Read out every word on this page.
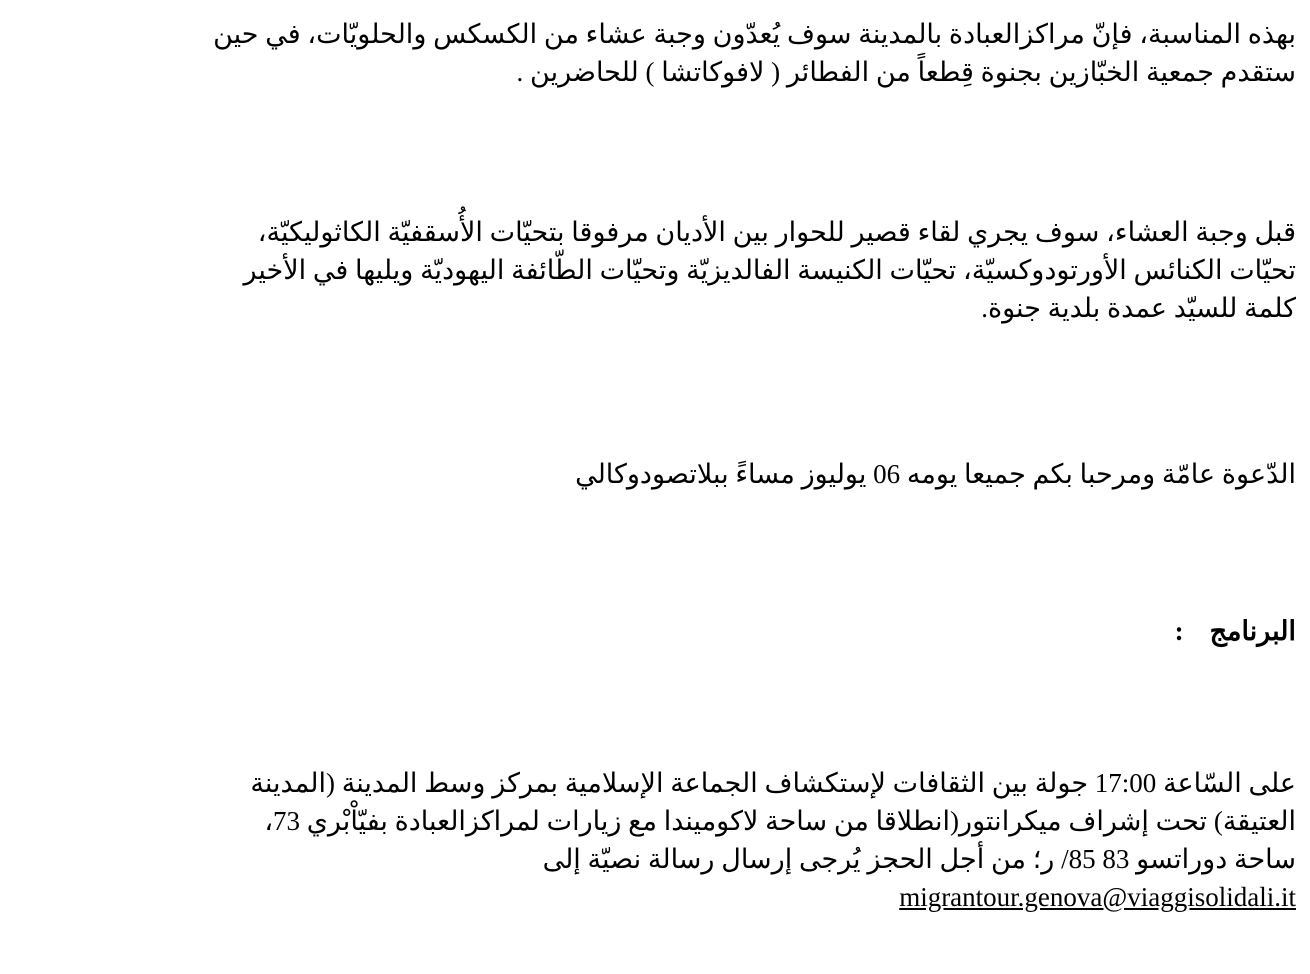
بهذه المناسبة، فإنّ مراكزالعبادة بالمدينة سوف يُعدّون وجبة عشاء من الكسكس والحلويّات، في حين
ستقدم جمعية الخبّازين بجنوة قِطعاً من الفطائر ( لافوكاتشا ) للحاضرين .

قبل وجبة العشاء، سوف يجري لقاء قصير للحوار بين الأديان مرفوقا بتحيّات الأُسقفيّة الكاثوليكيّة،
تحيّات الكنائس الأورتودوكسيّة، تحيّات الكنيسة الفالديزيّة وتحيّات الطّائفة اليهوديّة ويليها في الأخير
كلمة للسيّد عمدة بلدية جنوة.

الدّعوة عامّة ومرحبا بكم جميعا يومه 06 يوليوز مساءً ببلاتصودوكالي

البرنامج:

على السّاعة 17:00 جولة بين الثقافات لإستكشاف الجماعة الإسلامية بمركز وسط المدينة (المدينة
العتيقة) تحت إشراف ميكرانتور(انطلاقا من ساحة لاكوميندا مع زيارات لمراكزالعبادة بفيّاْبْري 73،
ساحة دوراتسو 83 85/ ر؛ من أجل الحجز يُرجى إرسال رسالة نصيّة إلى
migrantour.genova@viaggisolidali.it
